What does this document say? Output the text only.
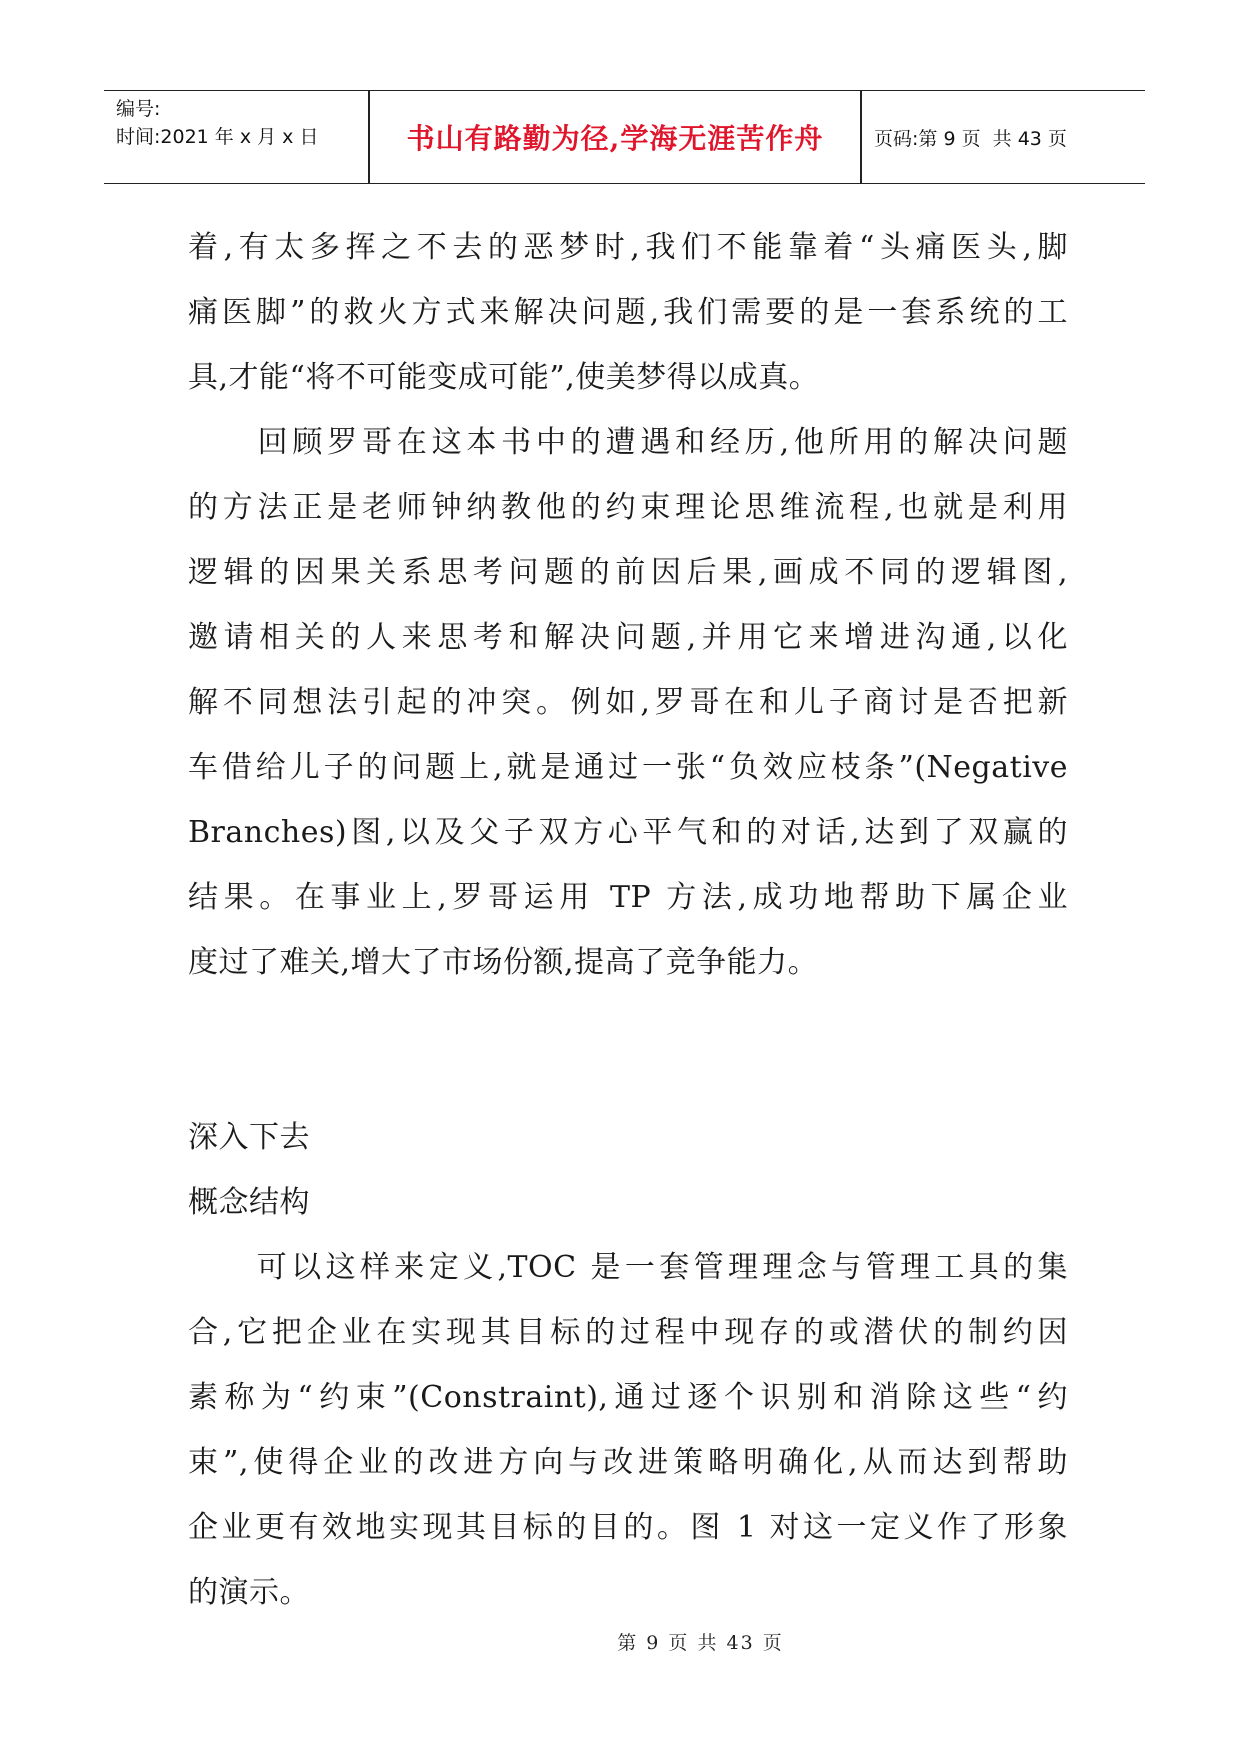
编号:
时间:2021 年 x 月 x 日	书山有路勤为径,学海无涯苦作舟	页码:第 9 页  共 43 页
着,有太多挥之不去的恶梦时,我们不能靠着“头痛医头,脚
痛医脚”的救火方式来解决问题,我们需要的是一套系统的工
具,才能“将不可能变成可能”,使美梦得以成真。
　　回顾罗哥在这本书中的遭遇和经历,他所用的解决问题
的方法正是老师钟纳教他的约束理论思维流程,也就是利用
逻辑的因果关系思考问题的前因后果,画成不同的逻辑图,
邀请相关的人来思考和解决问题,并用它来增进沟通,以化
解不同想法引起的冲突。例如,罗哥在和儿子商讨是否把新
车借给儿子的问题上,就是通过一张“负效应枝条”(Negative
Branches)图,以及父子双方心平气和的对话,达到了双赢的
结果。在事业上,罗哥运用 TP 方法,成功地帮助下属企业
度过了难关,增大了市场份额,提高了竞争能力。
深入下去
概念结构
　　可以这样来定义,TOC 是一套管理理念与管理工具的集
合,它把企业在实现其目标的过程中现存的或潜伏的制约因
素称为“约束”(Constraint),通过逐个识别和消除这些“约
束”,使得企业的改进方向与改进策略明确化,从而达到帮助
企业更有效地实现其目标的目的。图 1 对这一定义作了形象
的演示。
第 9 页 共 43 页
